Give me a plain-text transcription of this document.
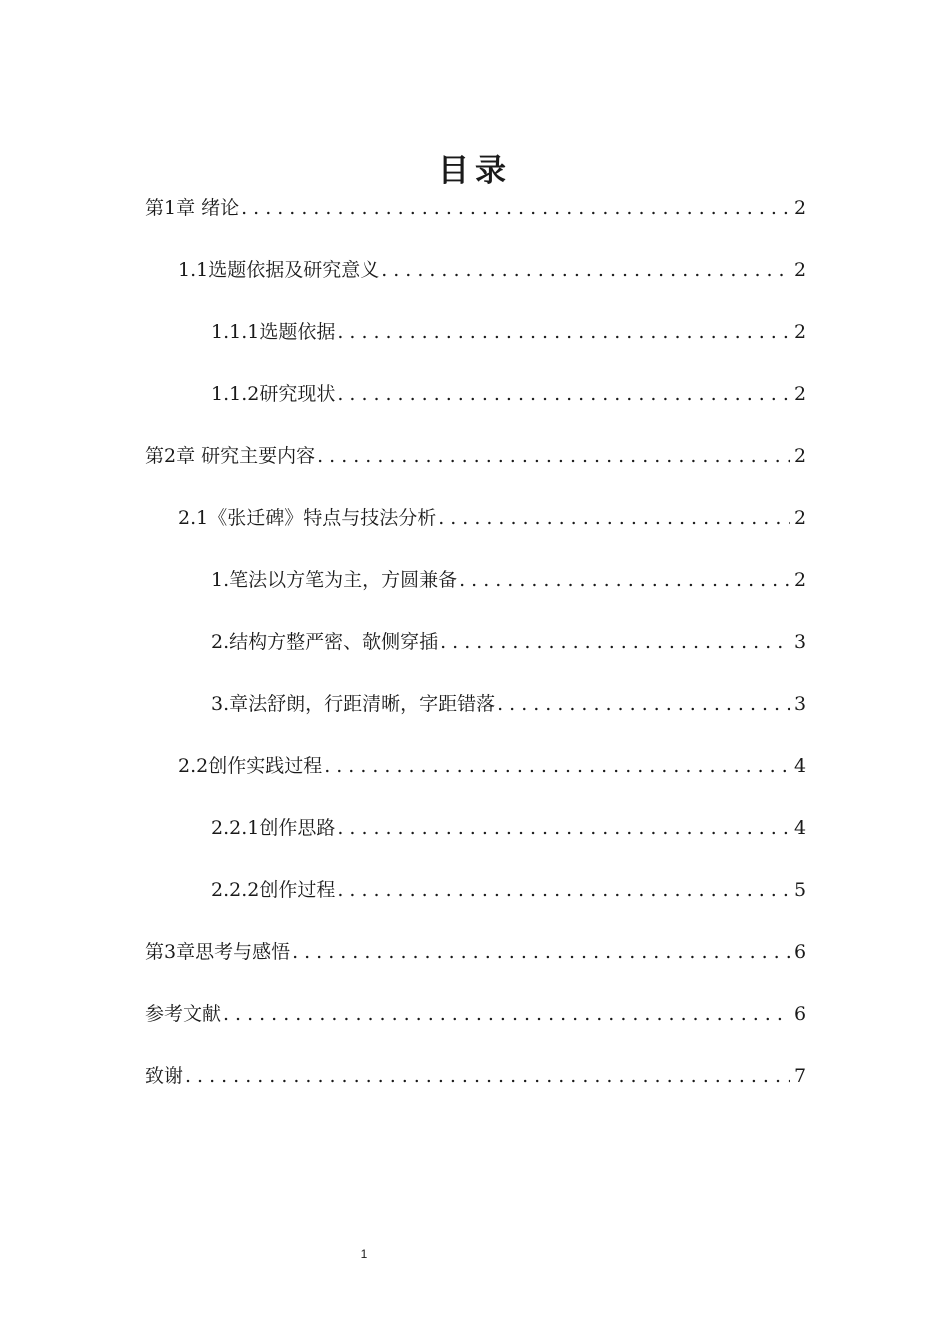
目录
第1章 绪论 .....	2
1.1选题依据及研究意义 .....	2
1.1.1选题依据 .....	2
1.1.2研究现状 .....	2
第2章 研究主要内容 .....	2
2.1《张迁碑》特点与技法分析 .....	2
1.笔法以方笔为主，方圆兼备 .....	2
2.结构方整严密、欹侧穿插 .....	3
3.章法舒朗，行距清晰，字距错落 .....	3
2.2创作实践过程 .....	4
2.2.1创作思路 .....	4
2.2.2创作过程 .....	5
第3章思考与感悟 .....	6
参考文献 .....	6
致谢 .....	7
1
